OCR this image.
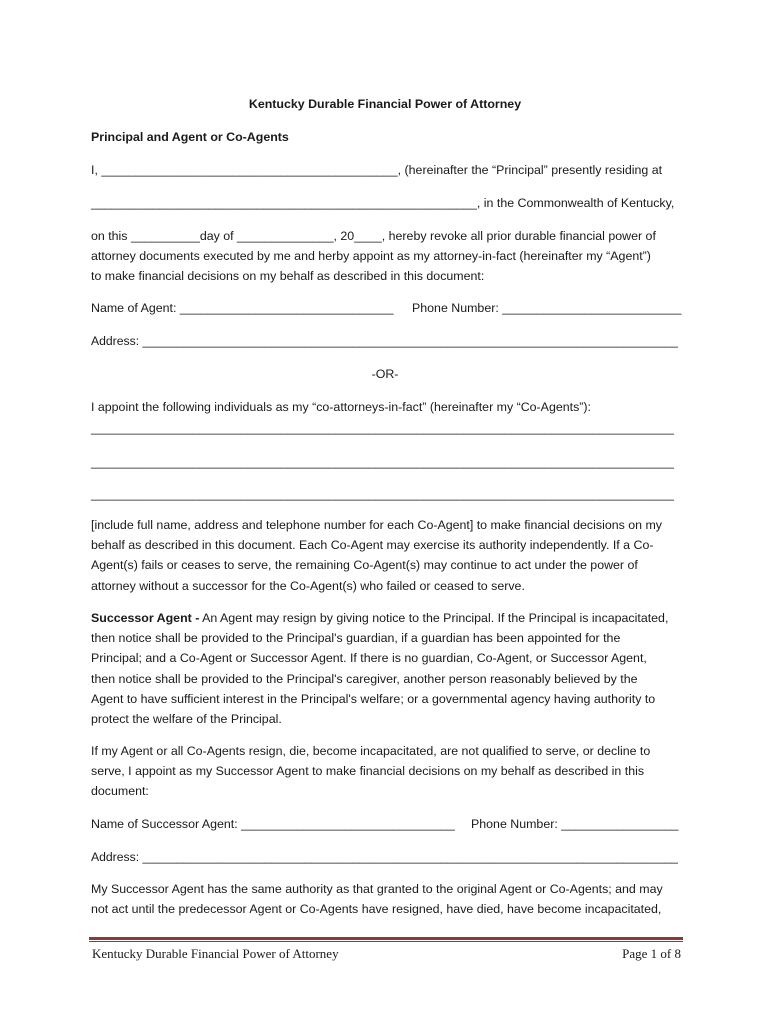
Kentucky Durable Financial Power of Attorney
Principal and Agent or Co-Agents
I, ___________________________________________, (hereinafter the “Principal” presently residing at
________________________________________________________, in the Commonwealth of Kentucky,
on this __________day of ______________, 20____, hereby revoke all prior durable financial power of
attorney documents executed by me and herby appoint as my attorney-in-fact (hereinafter my “Agent”)
to make financial decisions on my behalf as described in this document:
Name of Agent: _______________________________ Phone Number: __________________________
Address: _______________________________________________________________________________
-OR-
I appoint the following individuals as my “co-attorneys-in-fact” (hereinafter my “Co-Agents”):
______________________________________________________________________________________
______________________________________________________________________________________
______________________________________________________________________________________
[include full name, address and telephone number for each Co-Agent] to make financial decisions on my
behalf as described in this document. Each Co-Agent may exercise its authority independently. If a Co-
Agent(s) fails or ceases to serve, the remaining Co-Agent(s) may continue to act under the power of
attorney without a successor for the Co-Agent(s) who failed or ceased to serve.
Successor Agent - An Agent may resign by giving notice to the Principal. If the Principal is incapacitated,
then notice shall be provided to the Principal's guardian, if a guardian has been appointed for the
Principal; and a Co-Agent or Successor Agent. If there is no guardian, Co-Agent, or Successor Agent,
then notice shall be provided to the Principal's caregiver, another person reasonably believed by the
Agent to have sufficient interest in the Principal's welfare; or a governmental agency having authority to
protect the welfare of the Principal.
If my Agent or all Co-Agents resign, die, become incapacitated, are not qualified to serve, or decline to
serve, I appoint as my Successor Agent to make financial decisions on my behalf as described in this
document:
Name of Successor Agent: _______________________________ Phone Number: _________________
Address: _______________________________________________________________________________
My Successor Agent has the same authority as that granted to the original Agent or Co-Agents; and may
not act until the predecessor Agent or Co-Agents have resigned, have died, have become incapacitated,
Kentucky Durable Financial Power of Attorney	Page 1 of 8
